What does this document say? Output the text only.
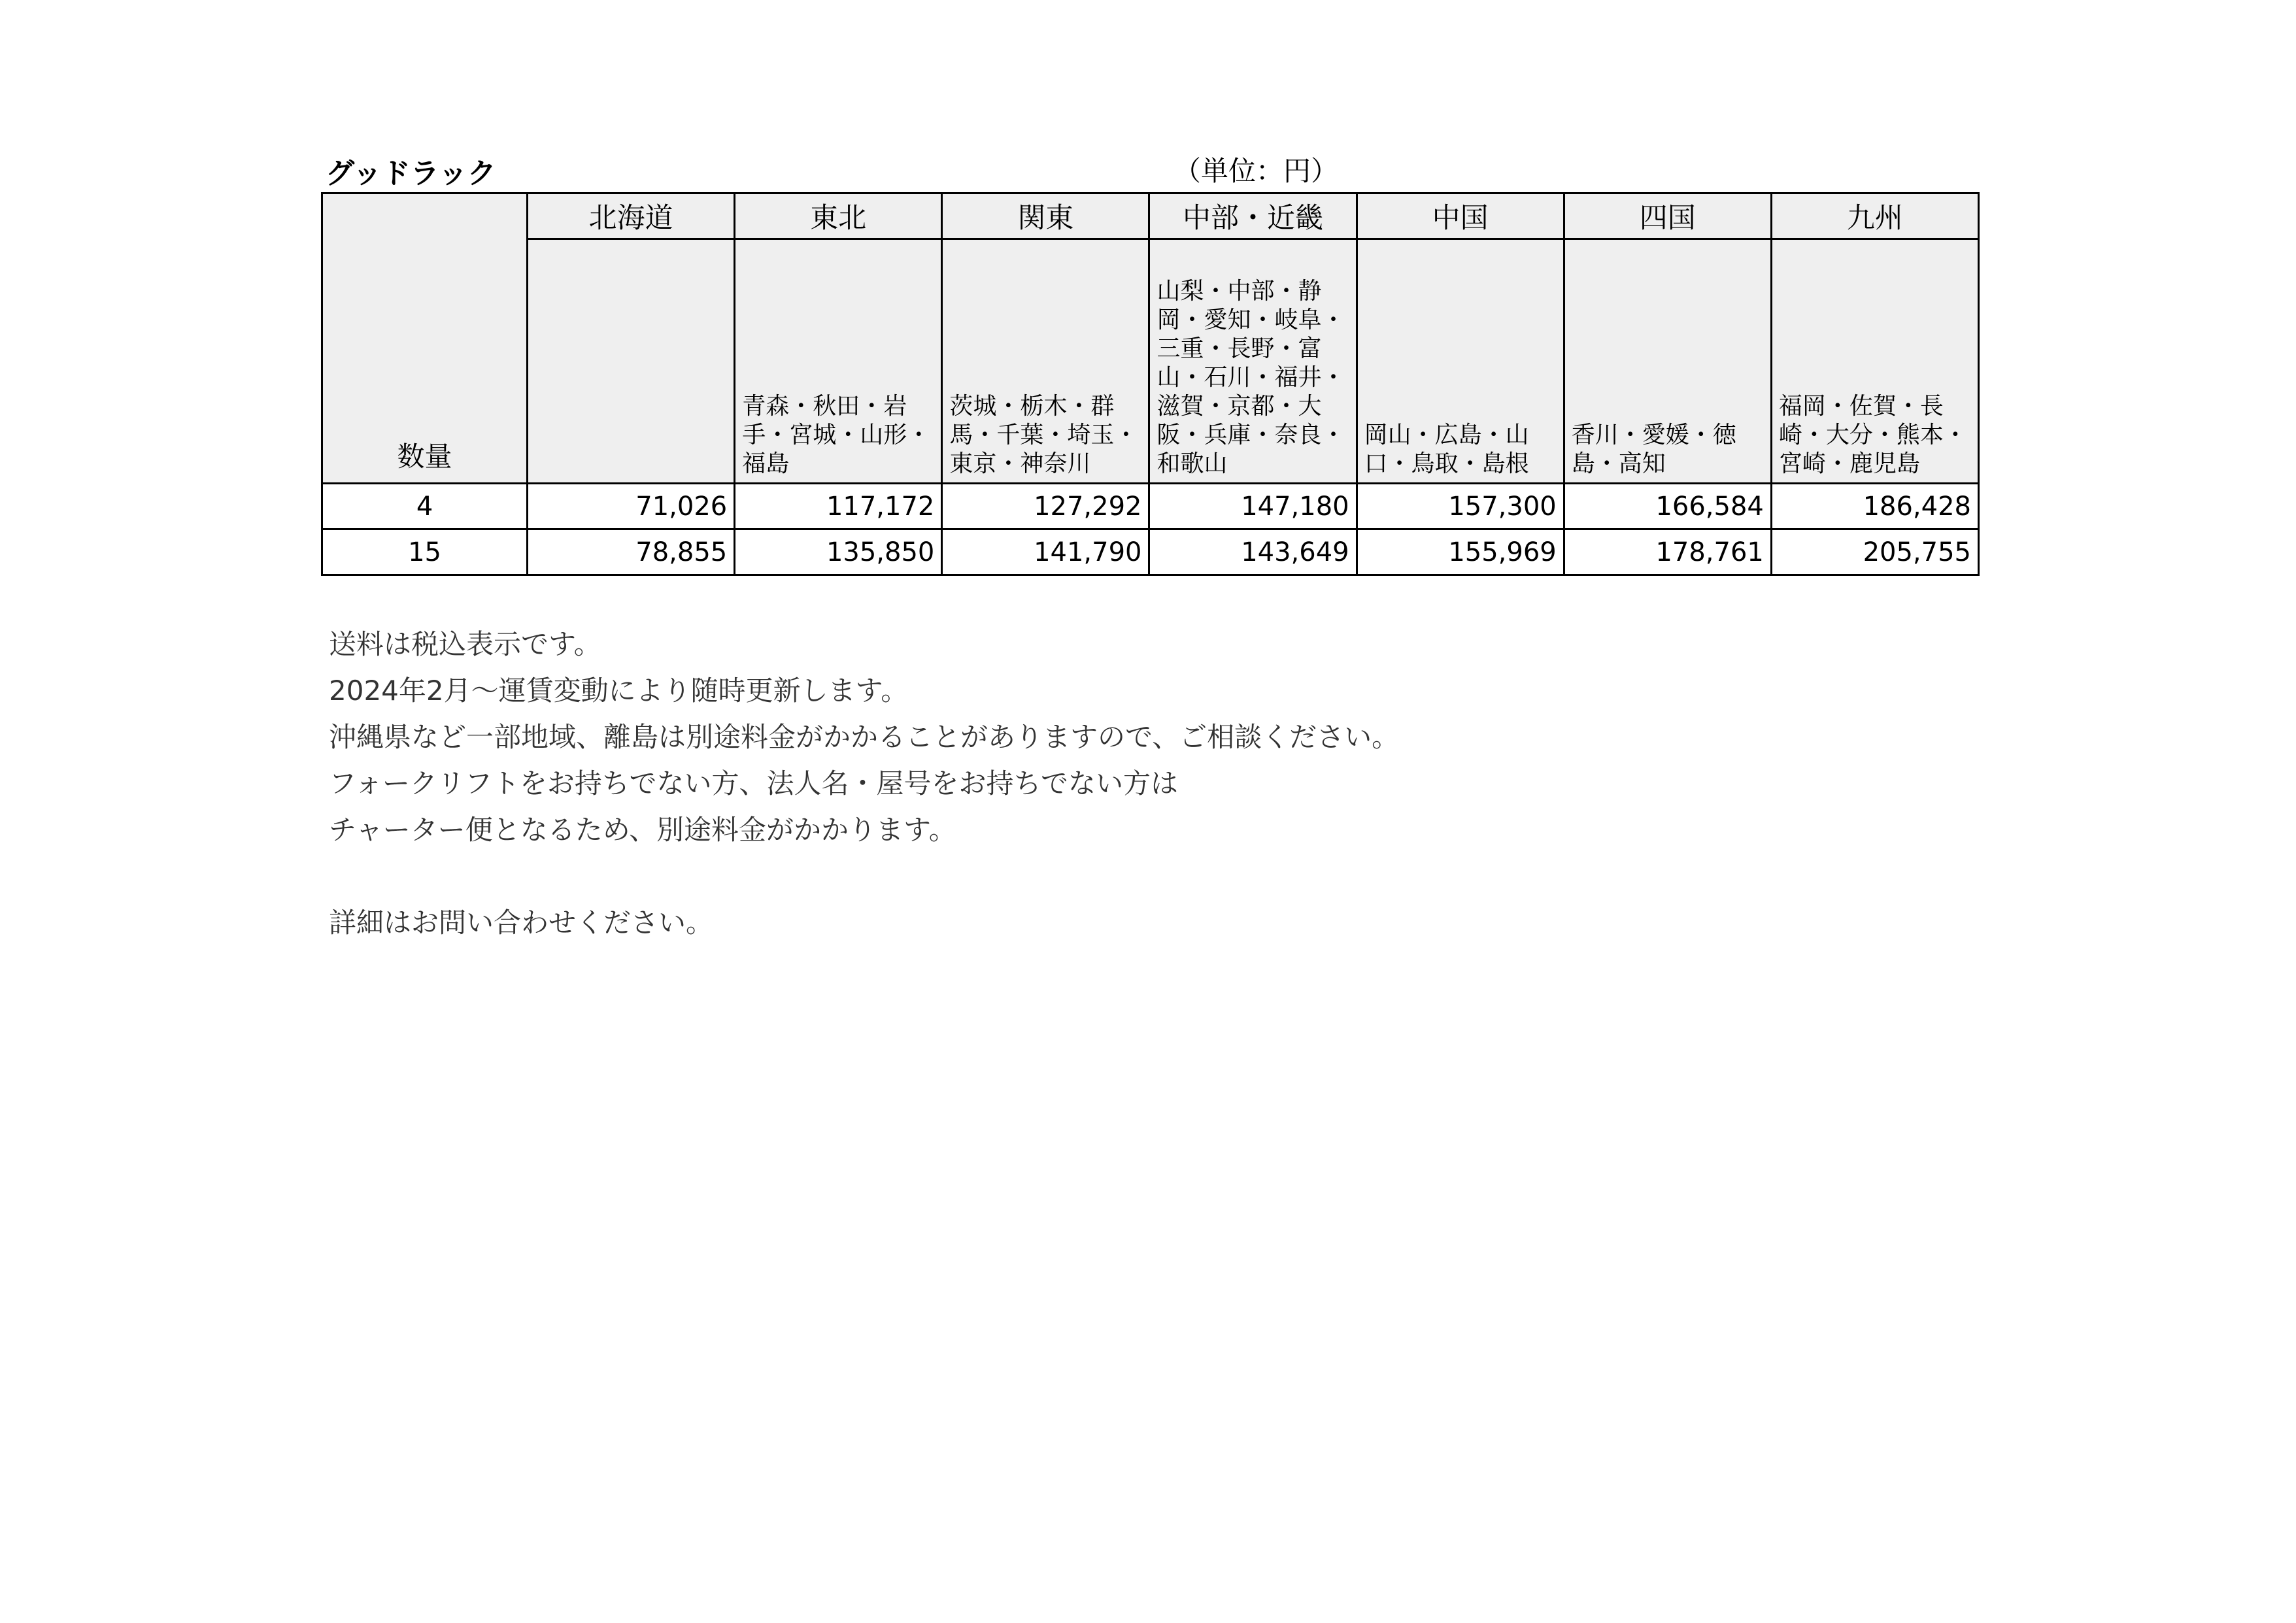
グッドラック	（単位：円）
数量	北海道	東北	関東	中部・近畿	中国	四国	九州
		青森・秋田・岩手・宮城・山形・福島	茨城・栃木・群馬・千葉・埼玉・東京・神奈川	山梨・中部・静岡・愛知・岐阜・三重・長野・富山・石川・福井・滋賀・京都・大阪・兵庫・奈良・和歌山	岡山・広島・山口・鳥取・島根	香川・愛媛・徳島・高知	福岡・佐賀・長崎・大分・熊本・宮崎・鹿児島
4	71,026	117,172	127,292	147,180	157,300	166,584	186,428
15	78,855	135,850	141,790	143,649	155,969	178,761	205,755
送料は税込表示です。
2024年2月～運賃変動により随時更新します。
沖縄県など一部地域、離島は別途料金がかかることがありますので、ご相談ください。
フォークリフトをお持ちでない方、法人名・屋号をお持ちでない方は
チャーター便となるため、別途料金がかかります。
詳細はお問い合わせください。
